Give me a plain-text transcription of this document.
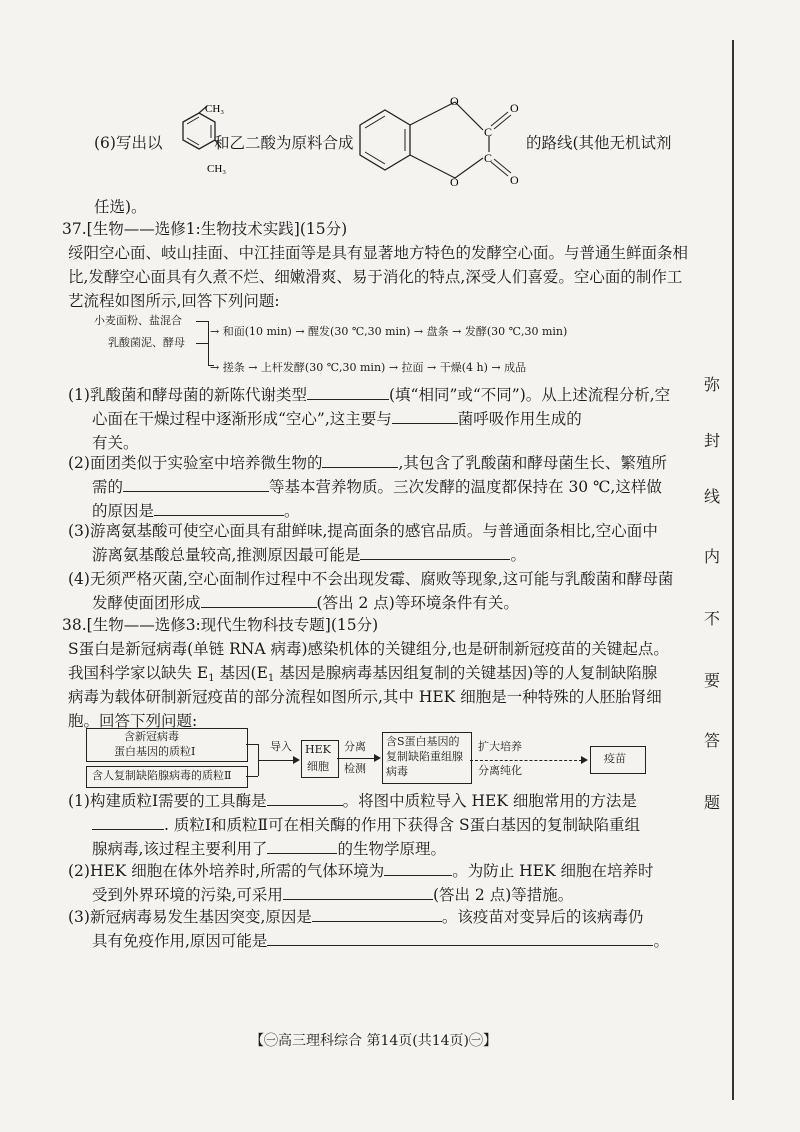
弥
封
线
内
不
要
答
题
(6)写出以
CH₃
CH₃
和乙二酸为原料合成
O
O
C
C
O
O
的路线(其他无机试剂
任选)。
37.[生物——选修1:生物技术实践](15分)
绥阳空心面、岐山挂面、中江挂面等是具有显著地方特色的发酵空心面。与普通生鲜面条相
比,发酵空心面具有久煮不烂、细嫩滑爽、易于消化的特点,深受人们喜爱。空心面的制作工
艺流程如图所示,回答下列问题:
小麦面粉、盐混合
乳酸菌泥、酵母
→ 和面(10 min) → 醒发(30 ℃,30 min) → 盘条 → 发酵(30 ℃,30 min)
→ 搓条 → 上杆发酵(30 ℃,30 min) → 拉面 → 干燥(4 h) → 成品
(1)乳酸菌和酵母菌的新陈代谢类型	(填“相同”或“不同”)。从上述流程分析,空
心面在干燥过程中逐渐形成“空心”,这主要与	菌呼吸作用生成的
有关。
(2)面团类似于实验室中培养微生物的	,其包含了乳酸菌和酵母菌生长、繁殖所
需的	等基本营养物质。三次发酵的温度都保持在 30 ℃,这样做
的原因是	。
(3)游离氨基酸可使空心面具有甜鲜味,提高面条的感官品质。与普通面条相比,空心面中
游离氨基酸总量较高,推测原因最可能是	。
(4)无须严格灭菌,空心面制作过程中不会出现发霉、腐败等现象,这可能与乳酸菌和酵母菌
发酵使面团形成	(答出 2 点)等环境条件有关。
38.[生物——选修3:现代生物科技专题](15分)
S蛋白是新冠病毒(单链 RNA 病毒)感染机体的关键组分,也是研制新冠疫苗的关键起点。
我国科学家以缺失 $E_1$ 基因($E_1$ 基因是腺病毒基因组复制的关键基因)等的人复制缺陷腺
病毒为载体研制新冠疫苗的部分流程如图所示,其中 HEK 细胞是一种特殊的人胚胎肾细
胞。回答下列问题:
含新冠病毒
蛋白基因的质粒Ⅰ
含人复制缺陷腺病毒的质粒Ⅱ
导入 HEK
细胞
分离
检测
含S蛋白基因的
复制缺陷重组腺
病毒
扩大培养
分离纯化
疫苗
(1)构建质粒Ⅰ需要的工具酶是	。将图中质粒导入 HEK 细胞常用的方法是
. 质粒Ⅰ和质粒Ⅱ可在相关酶的作用下获得含 S蛋白基因的复制缺陷重组
腺病毒,该过程主要利用了	的生物学原理。
(2)HEK 细胞在体外培养时,所需的气体环境为	。为防止 HEK 细胞在培养时
受到外界环境的污染,可采用	(答出 2 点)等措施。
(3)新冠病毒易发生基因突变,原因是	。该疫苗对变异后的该病毒仍
具有免疫作用,原因可能是	。
【㊀高三理科综合 第14页(共14页)㊀】
